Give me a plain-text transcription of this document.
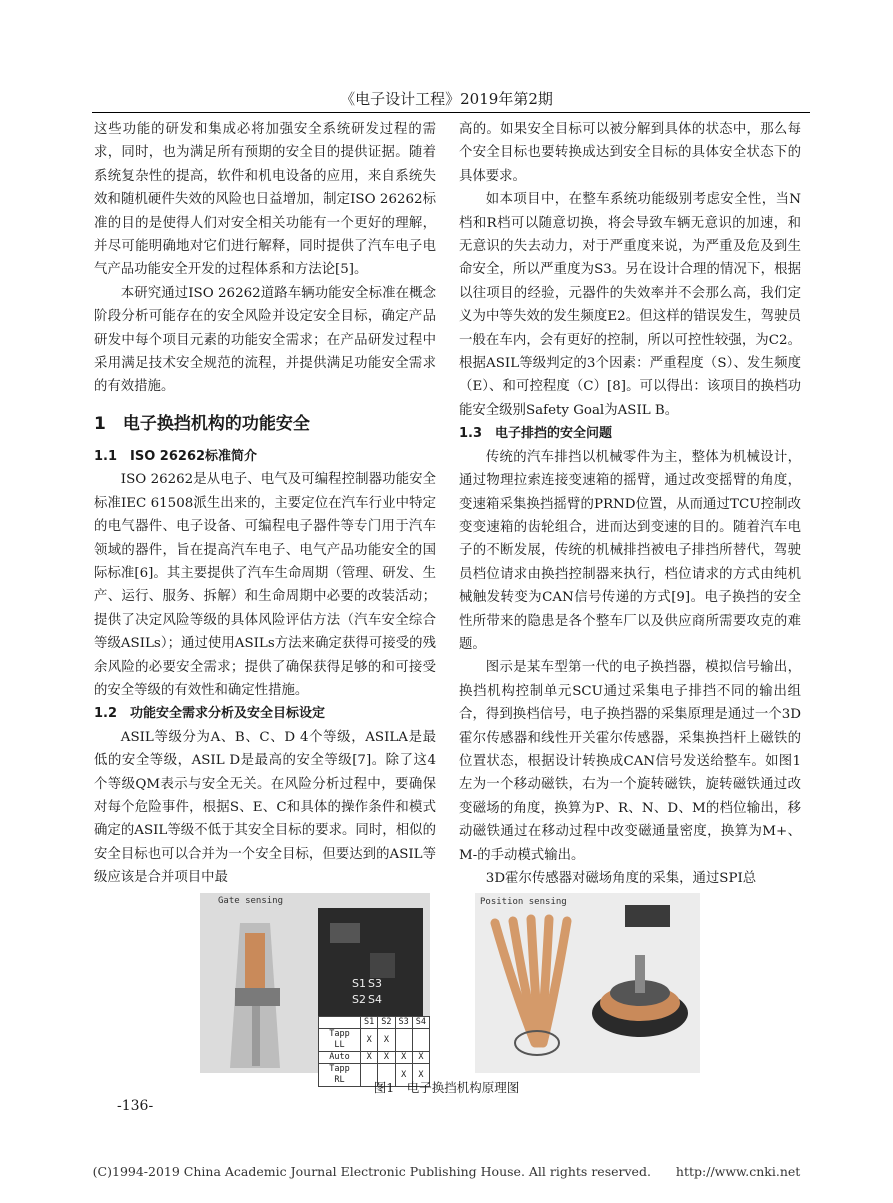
《电子设计工程》2019年第2期

这些功能的研发和集成必将加强安全系统研发过程的需求，同时，也为满足所有预期的安全目的提供证据。随着系统复杂性的提高，软件和机电设备的应用，来自系统失效和随机硬件失效的风险也日益增加，制定ISO 26262标准的目的是使得人们对安全相关功能有一个更好的理解，并尽可能明确地对它们进行解释，同时提供了汽车电子电气产品功能安全开发的过程体系和方法论[5]。

本研究通过ISO 26262道路车辆功能安全标准在概念阶段分析可能存在的安全风险并设定安全目标，确定产品研发中每个项目元素的功能安全需求；在产品研发过程中采用满足技术安全规范的流程，并提供满足功能安全需求的有效措施。

1　电子换挡机构的功能安全
1.1　ISO 26262标准简介

ISO 26262是从电子、电气及可编程控制器功能安全标准IEC 61508派生出来的，主要定位在汽车行业中特定的电气器件、电子设备、可编程电子器件等专门用于汽车领域的器件，旨在提高汽车电子、电气产品功能安全的国际标准[6]。其主要提供了汽车生命周期（管理、研发、生产、运行、服务、拆解）和生命周期中必要的改装活动；提供了决定风险等级的具体风险评估方法（汽车安全综合等级ASILs）；通过使用ASILs方法来确定获得可接受的残余风险的必要安全需求；提供了确保获得足够的和可接受的安全等级的有效性和确定性措施。

1.2　功能安全需求分析及安全目标设定

ASIL等级分为A、B、C、D 4个等级，ASILA是最低的安全等级，ASIL D是最高的安全等级[7]。除了这4个等级QM表示与安全无关。在风险分析过程中，要确保对每个危险事件，根据S、E、C和具体的操作条件和模式确定的ASIL等级不低于其安全目标的要求。同时，相似的安全目标也可以合并为一个安全目标，但要达到的ASIL等级应该是合并项目中最

高的。如果安全目标可以被分解到具体的状态中，那么每个安全目标也要转换成达到安全目标的具体安全状态下的具体要求。

如本项目中，在整车系统功能级别考虑安全性，当N档和R档可以随意切换，将会导致车辆无意识的加速，和无意识的失去动力，对于严重度来说，为严重及危及到生命安全，所以严重度为S3。另在设计合理的情况下，根据以往项目的经验，元器件的失效率并不会那么高，我们定义为中等失效的发生频度E2。但这样的错误发生，驾驶员一般在车内，会有更好的控制，所以可控性较强，为C2。根据ASIL等级判定的3个因素：严重程度（S）、发生频度（E）、和可控程度（C）[8]。可以得出：该项目的换档功能安全级别Safety Goal为ASIL B。

1.3　电子排挡的安全问题

传统的汽车排挡以机械零件为主，整体为机械设计，通过物理拉索连接变速箱的摇臂，通过改变摇臂的角度，变速箱采集换挡摇臂的PRND位置，从而通过TCU控制改变变速箱的齿轮组合，进而达到变速的目的。随着汽车电子的不断发展，传统的机械排挡被电子排挡所替代，驾驶员档位请求由换挡控制器来执行，档位请求的方式由纯机械触发转变为CAN信号传递的方式[9]。电子换挡的安全性所带来的隐患是各个整车厂以及供应商所需要攻克的难题。

图示是某车型第一代的电子换挡器，模拟信号输出，换挡机构控制单元SCU通过采集电子排挡不同的输出组合，得到换档信号，电子换挡器的采集原理是通过一个3D霍尔传感器和线性开关霍尔传感器，采集换挡杆上磁铁的位置状态，根据设计转换成CAN信号发送给整车。如图1左为一个移动磁铁，右为一个旋转磁铁，旋转磁铁通过改变磁场的角度，换算为P、R、N、D、M的档位输出，移动磁铁通过在移动过程中改变磁通量密度，换算为M+、M-的手动模式输出。

3D霍尔传感器对磁场角度的采集，通过SPI总

Gate sensing
S1 S3
S2 S4
	S1	S2	S3	S4
Tapp LL	X	X		
Auto	X	X	X	X
Tapp RL			X	X
Position sensing
图1　电子换挡机构原理图
-136-
(C)1994-2019 China Academic Journal Electronic Publishing House. All rights reserved.　　http://www.cnki.net
